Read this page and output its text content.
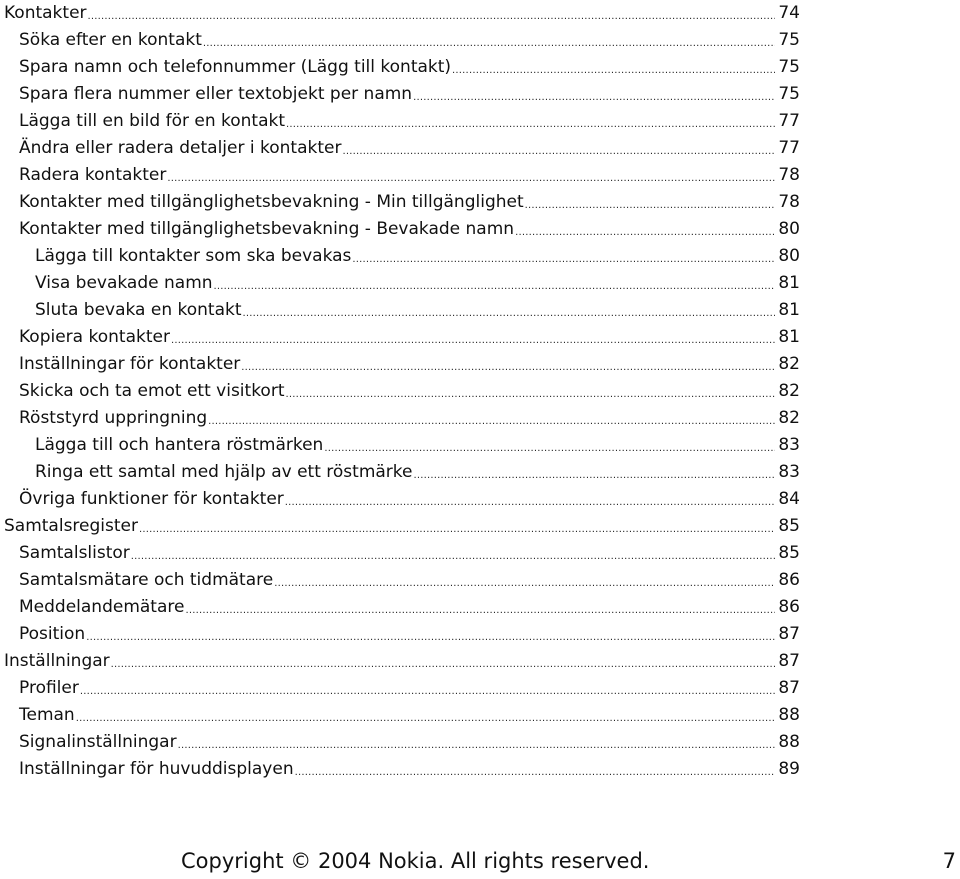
Kontakter .....	74
Söka efter en kontakt .....	75
Spara namn och telefonnummer (Lägg till kontakt) .....	75
Spara flera nummer eller textobjekt per namn .....	75
Lägga till en bild för en kontakt .....	77
Ändra eller radera detaljer i kontakter .....	77
Radera kontakter .....	78
Kontakter med tillgänglighetsbevakning - Min tillgänglighet .....	78
Kontakter med tillgänglighetsbevakning - Bevakade namn .....	80
Lägga till kontakter som ska bevakas .....	80
Visa bevakade namn .....	81
Sluta bevaka en kontakt .....	81
Kopiera kontakter .....	81
Inställningar för kontakter .....	82
Skicka och ta emot ett visitkort .....	82
Röststyrd uppringning .....	82
Lägga till och hantera röstmärken .....	83
Ringa ett samtal med hjälp av ett röstmärke .....	83
Övriga funktioner för kontakter .....	84
Samtalsregister .....	85
Samtalslistor .....	85
Samtalsmätare och tidmätare .....	86
Meddelandemätare .....	86
Position .....	87
Inställningar .....	87
Profiler .....	87
Teman .....	88
Signalinställningar .....	88
Inställningar för huvuddisplayen .....	89
Copyright © 2004 Nokia. All rights reserved.	7
